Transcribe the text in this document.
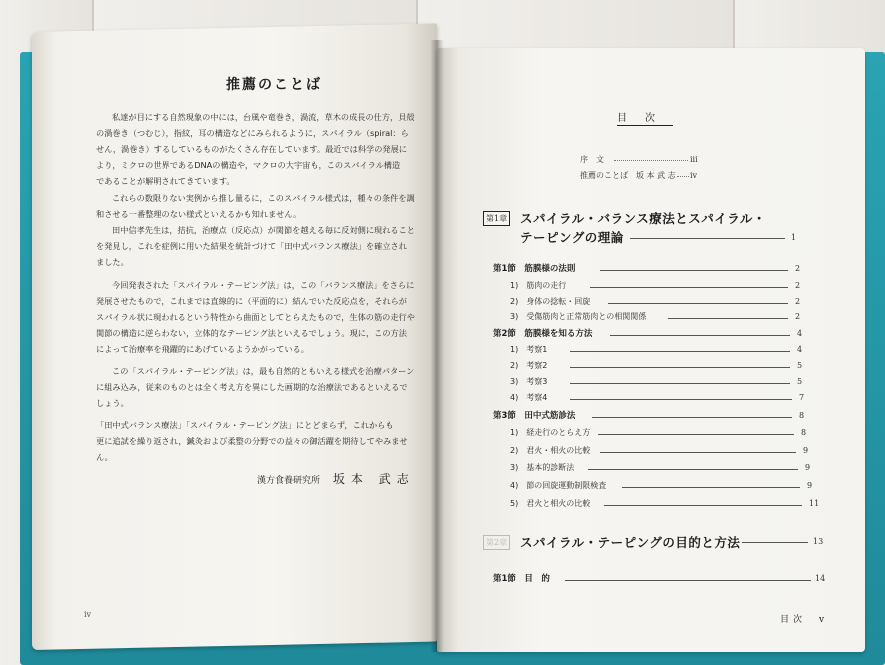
推薦のことば
私達が目にする自然現象の中には，台風や竜巻き，渦流，草木の成長の仕方，貝殻
の渦巻き（つむじ），指紋，耳の構造などにみられるように，スパイラル（spiral：ら
せん，渦巻き）するしているものがたくさん存在しています。最近では科学の発展に
より，ミクロの世界であるDNAの構造や，マクロの大宇宙も，このスパイラル構造
であることが解明されてきています。
これらの数限りない実例から推し量るに，このスパイラル様式は，種々の条件を調
和させる一番整理のない様式といえるかも知れません。
田中信孝先生は，拮抗，治療点（反応点）が関節を越える毎に反対側に現れること
を発見し，これを症例に用いた結果を統計づけて「田中式バランス療法」を確立され
ました。
今回発表された「スパイラル・テーピング法」は，この「バランス療法」をさらに
発展させたもので，これまでは直線的に（平面的に）結んでいた反応点を，それらが
スパイラル状に現われるという特性から曲面としてとらえたもので，生体の筋の走行や
関節の構造に逆らわない，立体的なテーピング法といえるでしょう。現に，この方法
によって治療率を飛躍的にあげているようかがっている。
この「スパイラル・テーピング法」は，最も自然的ともいえる様式を治療パターン
に組み込み，従来のものとは全く考え方を異にした画期的な治療法であるといえるで
しょう。
「田中式バランス療法」「スパイラル・テーピング法」にとどまらず，これからも
更に追試を繰り返され，鍼灸および柔整の分野での益々の御活躍を期待してやみませ
ん。
漢方食養研究所 坂本 武志
iv
目次
序　文	iii
推薦のことば　坂 本 武 志 iv
第1章 スパイラル・バランス療法とスパイラル・
テーピングの理論	1
第1節　筋膜様の法則	2
1)　筋肉の走行	2
2)　身体の捻転・回旋	2
3)　受傷筋肉と正常筋肉との相関関係	2
第2節　筋膜様を知る方法	4
1)　考察1	4
2)　考察2	5
3)　考察3	5
4)　考察4	7
第3節　田中式筋診法	8
1)　経走行のとらえ方	8
2)　君火・相火の比較	9
3)　基本的診断法	9
4)　節の回旋運動制限検査	9
5)　君火と相火の比較	11
第2章 スパイラル・テーピングの目的と方法	13
第1節　目　的	14
目次　v
